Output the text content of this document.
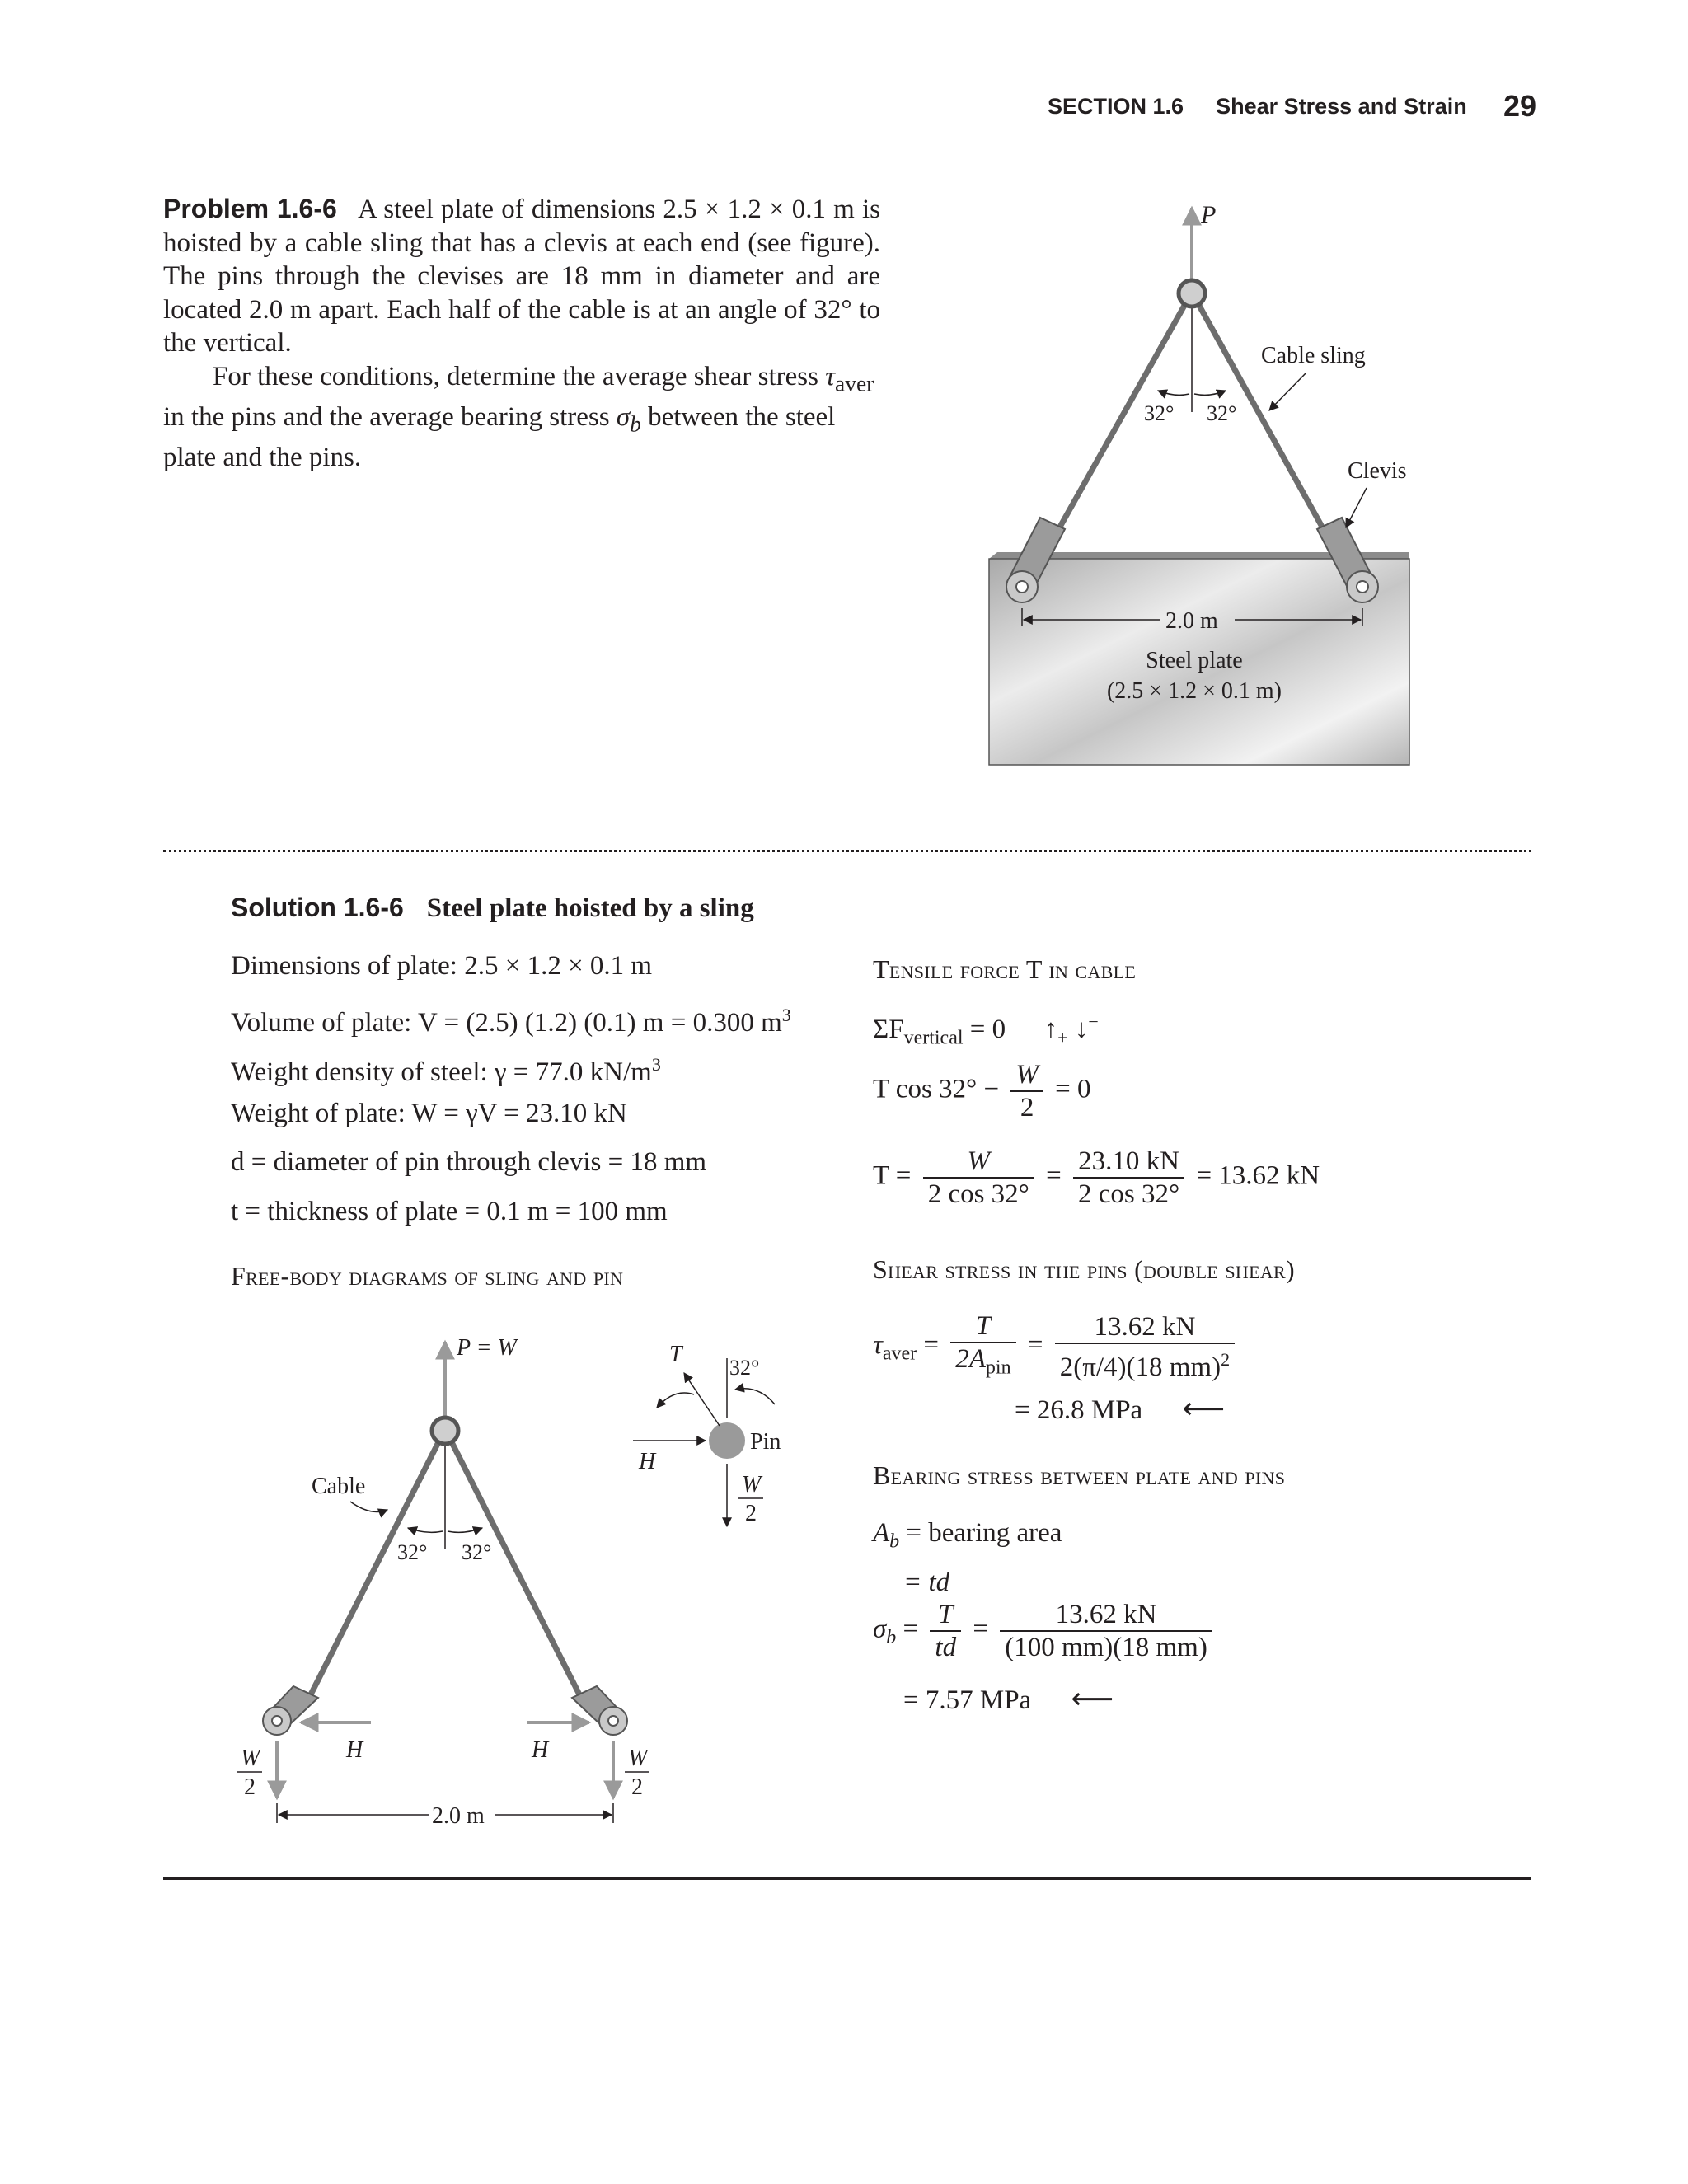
SECTION 1.6 Shear Stress and Strain 29
Problem 1.6-6 A steel plate of dimensions 2.5 × 1.2 × 0.1 m is hoisted by a cable sling that has a clevis at each end (see figure). The pins through the clevises are 18 mm in diameter and are located 2.0 m apart. Each half of the cable is at an angle of 32° to the vertical.
For these conditions, determine the average shear stress $\tau_{aver}$ in the pins and the average bearing stress $\sigma_b$ between the steel plate and the pins.
P
32° 32°
Cable sling
Clevis
2.0 m
Steel plate
(2.5 × 1.2 × 0.1 m)
Solution 1.6-6 Steel plate hoisted by a sling
Dimensions of plate: 2.5 × 1.2 × 0.1 m
Volume of plate: V = (2.5) (1.2) (0.1) m = 0.300 $m^3$
Weight density of steel: γ = 77.0 $kN/m^3$
Weight of plate: W = γV = 23.10 kN
d = diameter of pin through clevis = 18 mm
t = thickness of plate = 0.1 m = 100 mm
Free-body diagrams of sling and pin
P = W
32° 32°
Cable
H	H
W
2
W
2
2.0 m
H
T
32°
Pin
W
2
Tensile force T in cable
$\Sigma F_{vertical} = 0$ $↑_+$ ↓−
T $\cos 32^\circ - \frac{W}{2} = 0$
$T = \frac{W}{2 \cos 32^\circ} = \frac{23.10 kN}{2 \cos 32^\circ} = 13.62$ kN
Shear stress in the pins (double shear)
$\tau_{aver} = \frac{T}{2A_{pin}} = \frac{13.62 kN}{2(\pi/4)(18 mm)^2}$
= 26.8 MPa ⟵
Bearing stress between plate and pins
$A_b$ = bearing area
= td
$\sigma_b = \frac{T}{td} = \frac{13.62 kN}{(100 mm)(18 mm)}$
= 7.57 MPa ⟵
